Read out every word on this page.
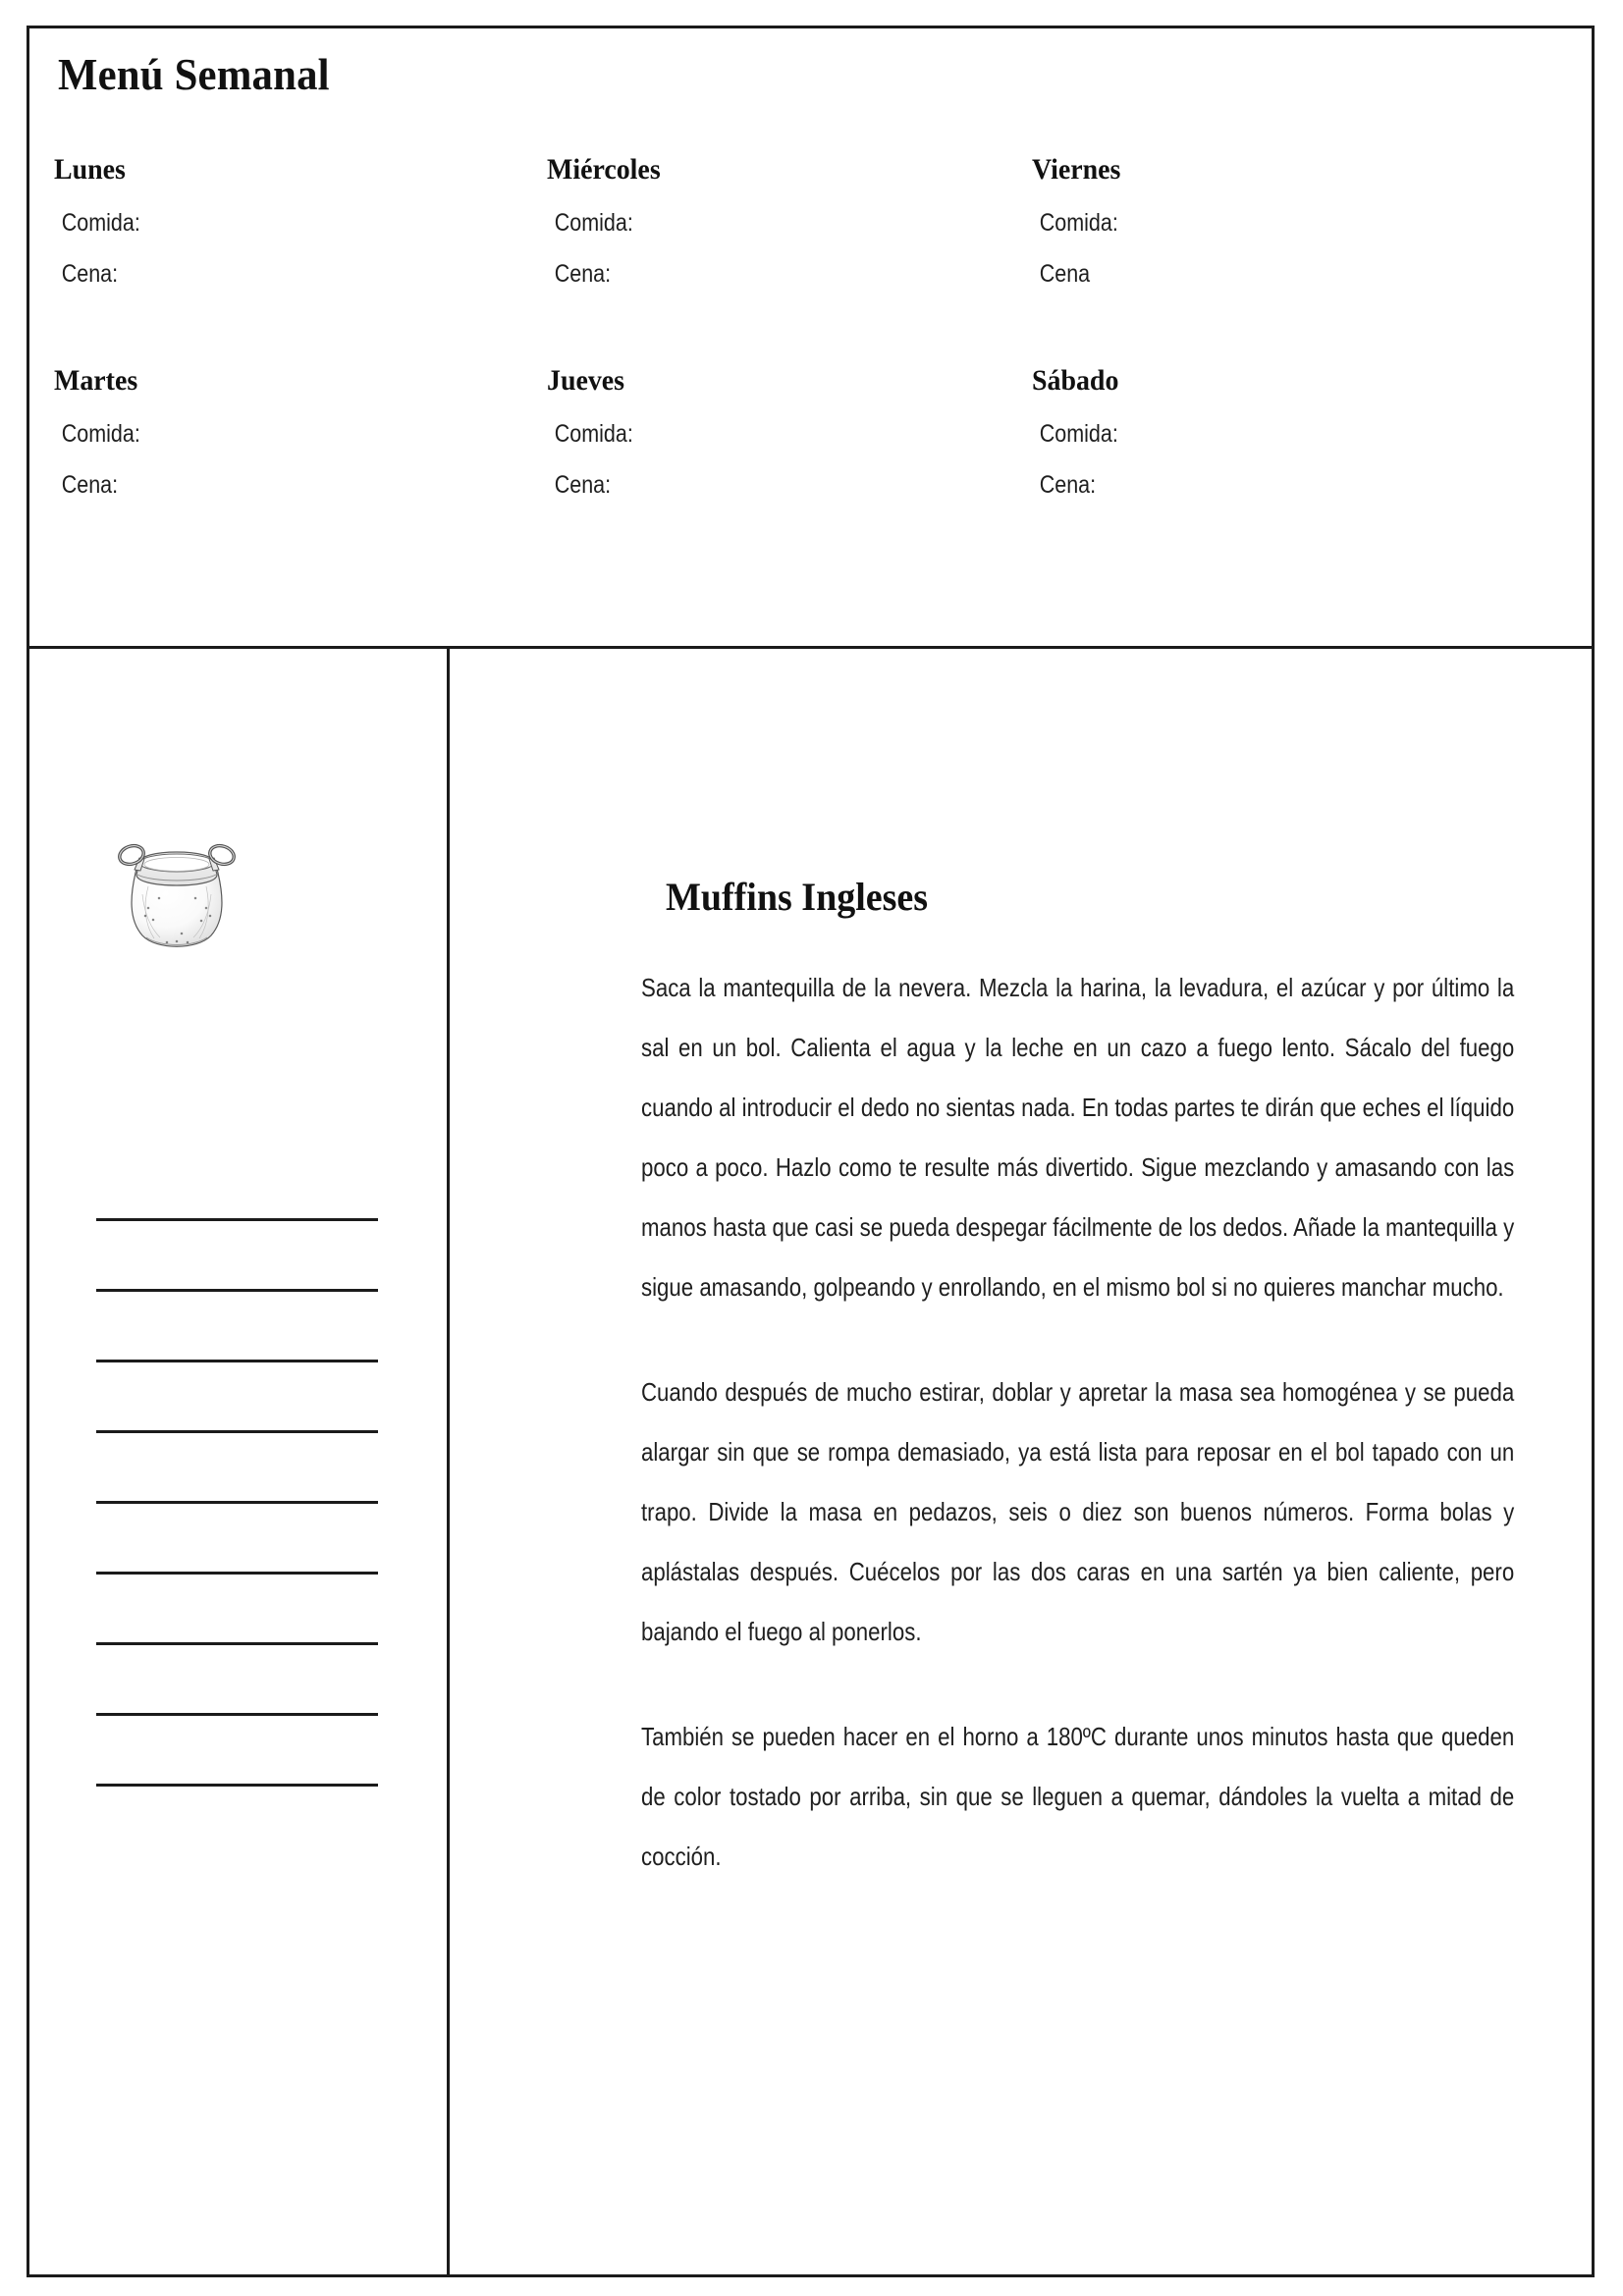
Menú Semanal
Lunes
Comida:
Cena:
Miércoles
Comida:
Cena:
Viernes
Comida:
Cena
Martes
Comida:
Cena:
Jueves
Comida:
Cena:
Sábado
Comida:
Cena:
Muffins Ingleses

Saca la mantequilla de la nevera. Mezcla la harina, la levadura, el azúcar y por último la sal en un bol. Calienta el agua y la leche en un cazo a fuego lento. Sácalo del fuego cuando al introducir el dedo no sientas nada. En todas partes te dirán que eches el líquido poco a poco. Hazlo como te resulte más divertido. Sigue mezclando y amasando con las manos hasta que casi se pueda despegar fácilmente de los dedos. Añade la mantequilla y sigue amasando, golpeando y enrollando, en el mismo bol si no quieres manchar mucho.

Cuando después de mucho estirar, doblar y apretar la masa sea homogénea y se pueda alargar sin que se rompa demasiado, ya está lista para reposar en el bol tapado con un trapo. Divide la masa en pedazos, seis o diez son buenos números. Forma bolas y aplástalas después. Cuécelos por las dos caras en una sartén ya bien caliente, pero bajando el fuego al ponerlos.

También se pueden hacer en el horno a 180ºC durante unos minutos hasta que queden de color tostado por arriba, sin que se lleguen a quemar, dándoles la vuelta a mitad de cocción.
